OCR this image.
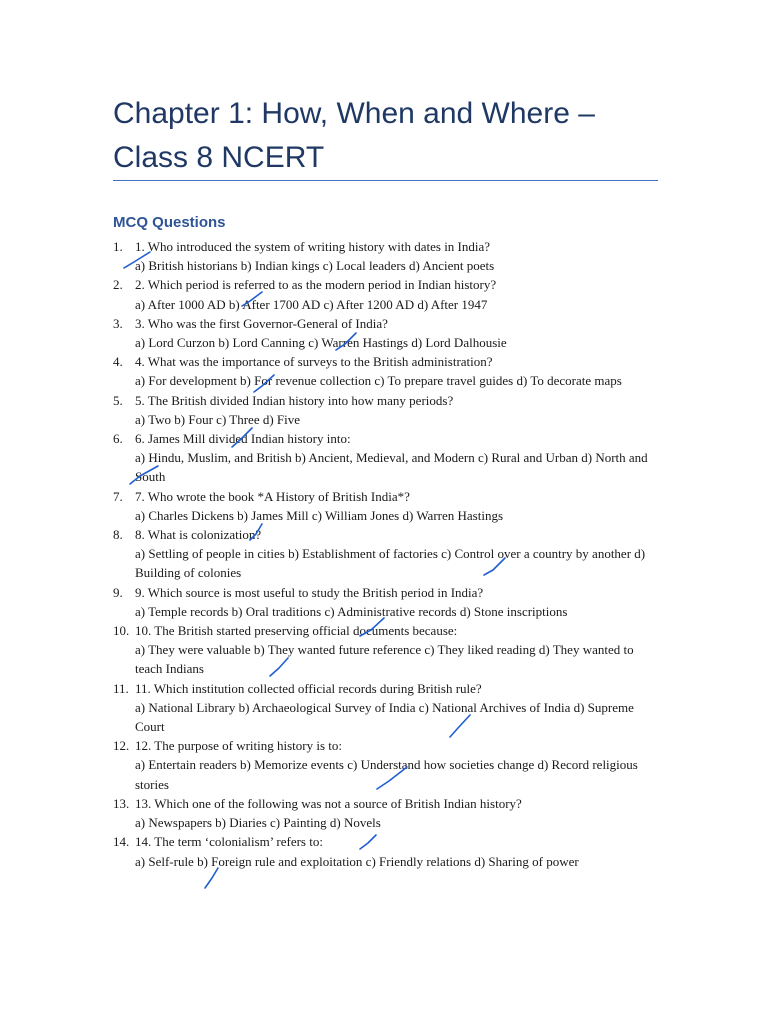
Chapter 1: How, When and Where –
Class 8 NCERT
MCQ Questions
1. 1. Who introduced the system of writing history with dates in India?
a) British historians b) Indian kings c) Local leaders d) Ancient poets
2. 2. Which period is referred to as the modern period in Indian history?
a) After 1000 AD b) After 1700 AD c) After 1200 AD d) After 1947
3. 3. Who was the first Governor-General of India?
a) Lord Curzon b) Lord Canning c) Warren Hastings d) Lord Dalhousie
4. 4. What was the importance of surveys to the British administration?
a) For development b) For revenue collection c) To prepare travel guides d) To decorate maps
5. 5. The British divided Indian history into how many periods?
a) Two b) Four c) Three d) Five
6. 6. James Mill divided Indian history into:
a) Hindu, Muslim, and British b) Ancient, Medieval, and Modern c) Rural and Urban d) North and South
7. 7. Who wrote the book *A History of British India*?
a) Charles Dickens b) James Mill c) William Jones d) Warren Hastings
8. 8. What is colonization?
a) Settling of people in cities b) Establishment of factories c) Control over a country by another d) Building of colonies
9. 9. Which source is most useful to study the British period in India?
a) Temple records b) Oral traditions c) Administrative records d) Stone inscriptions
10. 10. The British started preserving official documents because:
a) They were valuable b) They wanted future reference c) They liked reading d) They wanted to teach Indians
11. 11. Which institution collected official records during British rule?
a) National Library b) Archaeological Survey of India c) National Archives of India d) Supreme Court
12. 12. The purpose of writing history is to:
a) Entertain readers b) Memorize events c) Understand how societies change d) Record religious stories
13. 13. Which one of the following was not a source of British Indian history?
a) Newspapers b) Diaries c) Painting d) Novels
14. 14. The term ‘colonialism’ refers to:
a) Self-rule b) Foreign rule and exploitation c) Friendly relations d) Sharing of power
